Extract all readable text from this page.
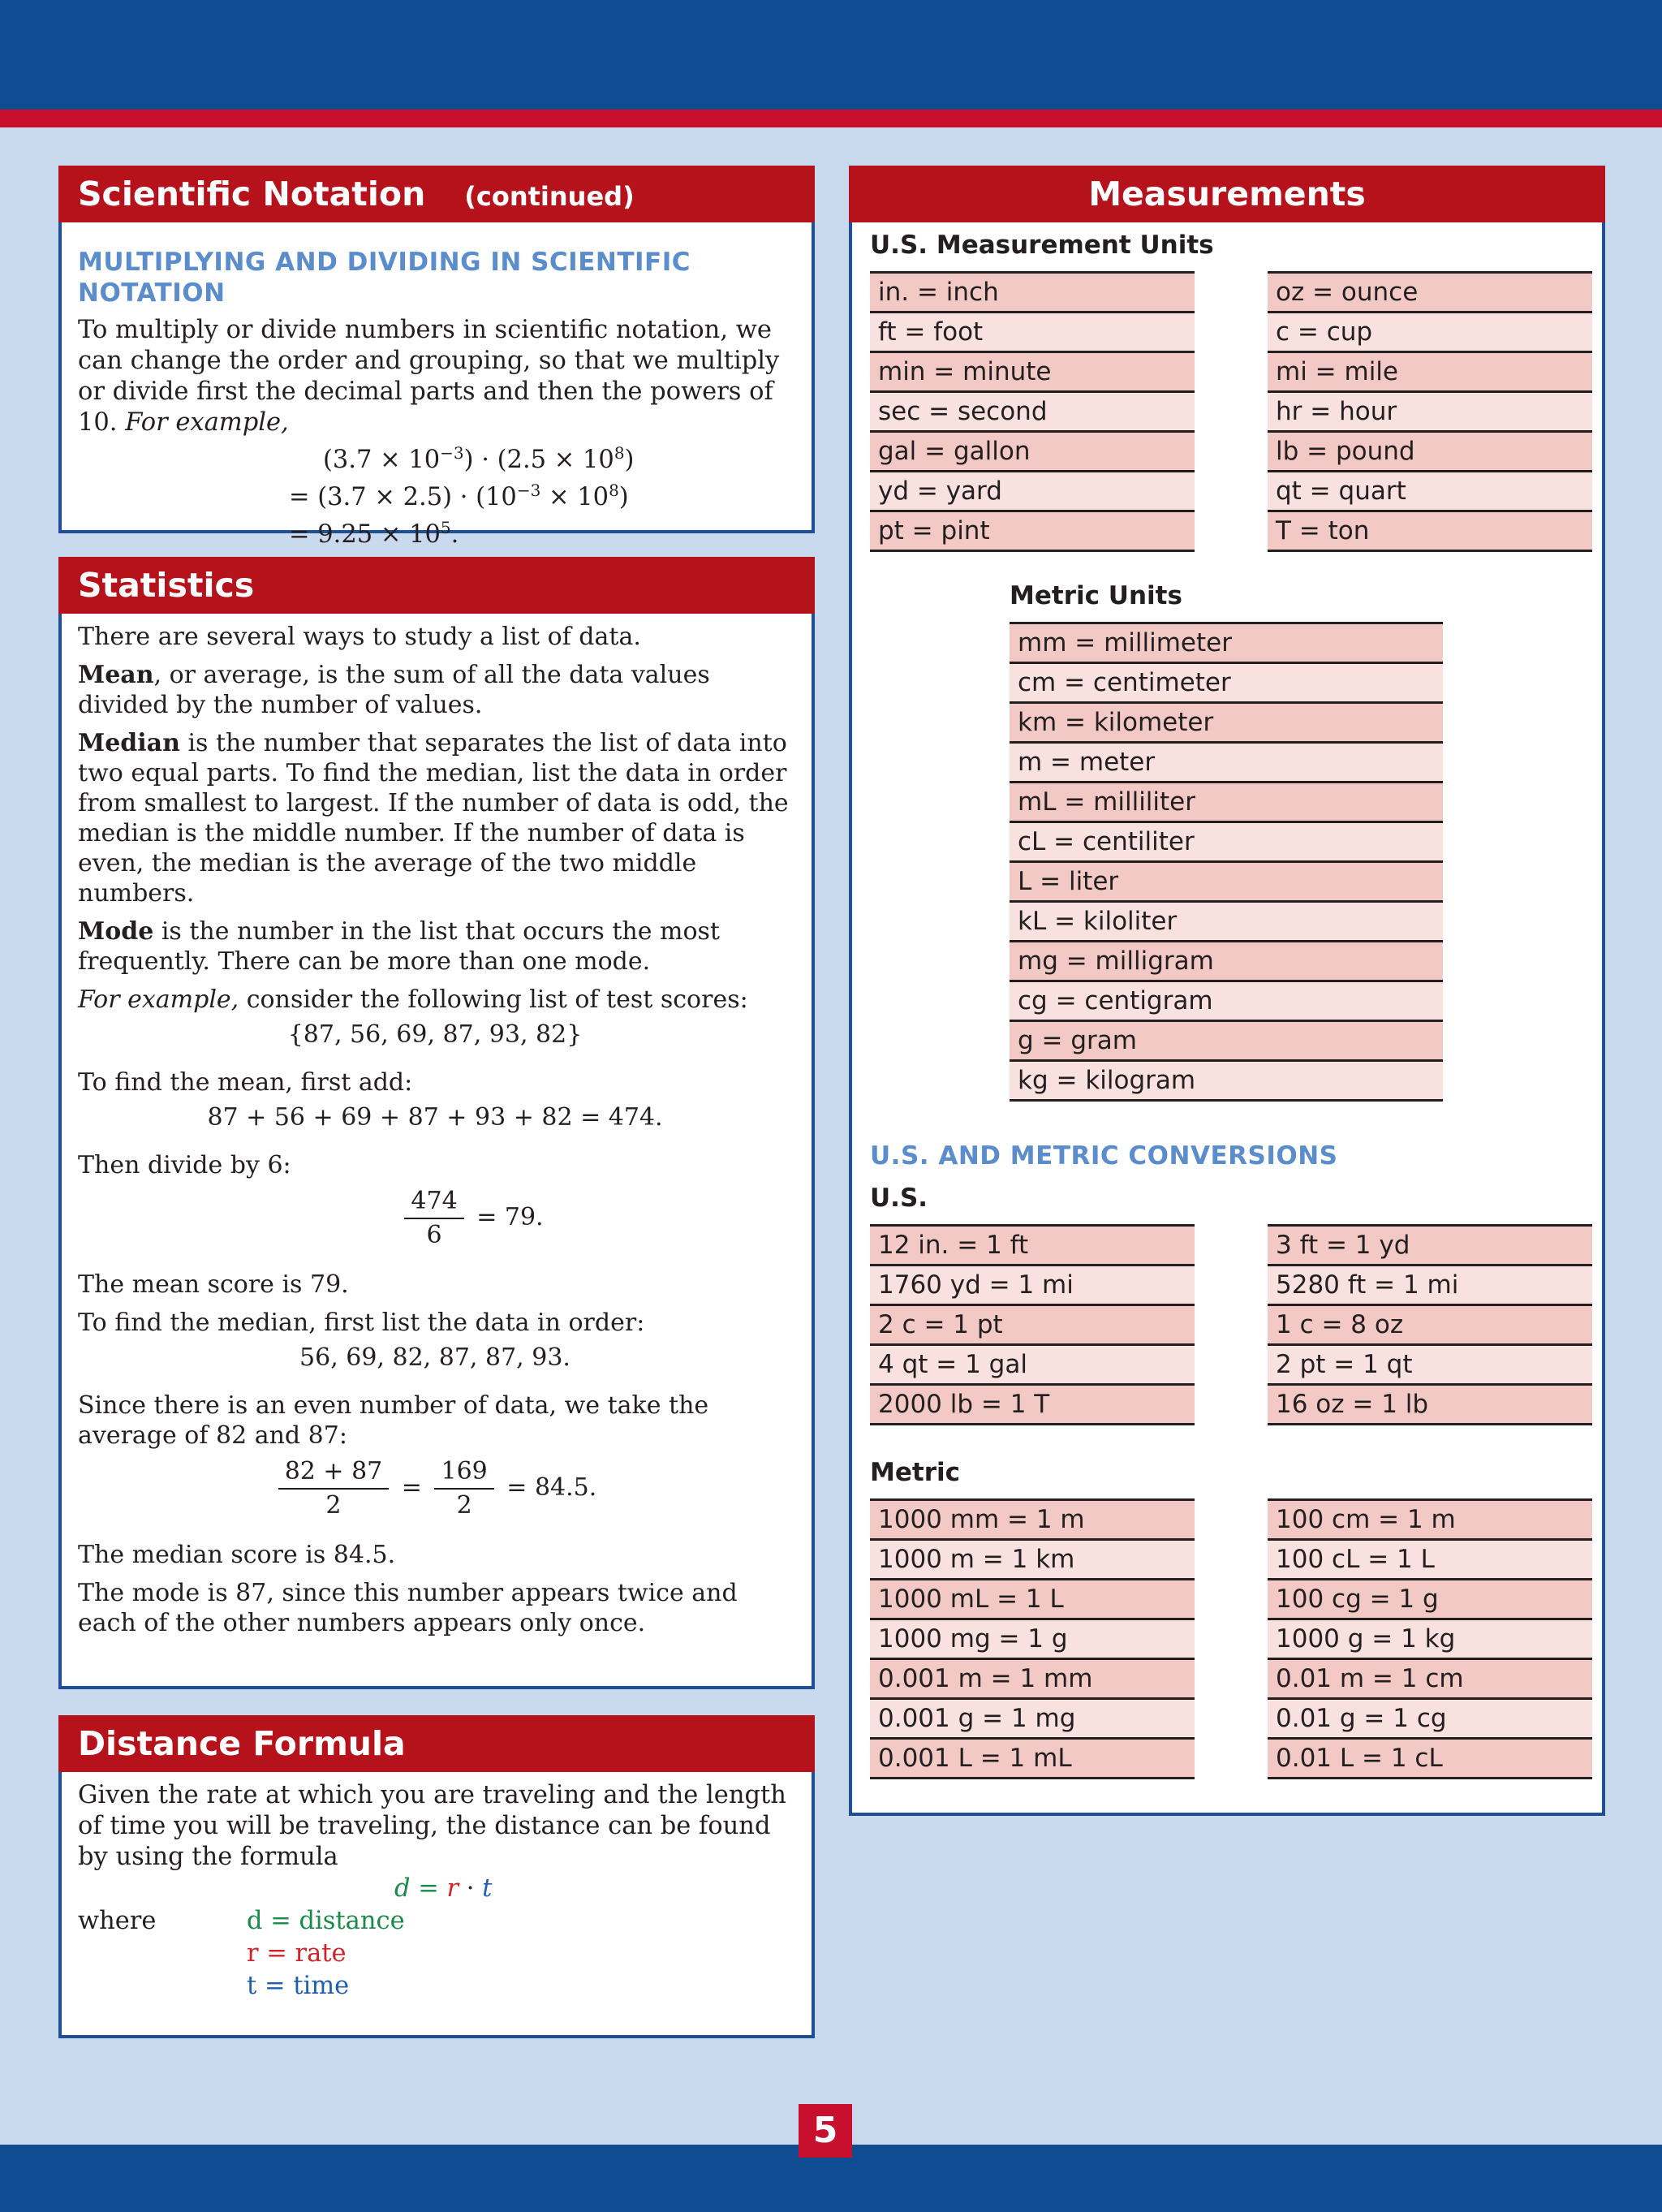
Scientific Notation (continued)
MULTIPLYING AND DIVIDING IN SCIENTIFIC NOTATION

To multiply or divide numbers in scientific notation, we can change the order and grouping, so that we multiply or divide first the decimal parts and then the powers of 10. For example,

$(3.7 \times 10^{-3}) \cdot (2.5 \times 10^8)$
= $(3.7 \times 2.5) \cdot (10^{-3} \times 10^8)$
= $9.25 \times 10^5$.
Statistics

There are several ways to study a list of data.

Mean, or average, is the sum of all the data values divided by the number of values.

Median is the number that separates the list of data into two equal parts. To find the median, list the data in order from smallest to largest. If the number of data is odd, the median is the middle number. If the number of data is even, the median is the average of the two middle numbers.

Mode is the number in the list that occurs the most frequently. There can be more than one mode.

For example, consider the following list of test scores:

{87, 56, 69, 87, 93, 82}

To find the mean, first add:

87 + 56 + 69 + 87 + 93 + 82 = 474.

Then divide by 6:

$\frac{474}{6} = 79$.

The mean score is 79.

To find the median, first list the data in order:

56, 69, 82, 87, 87, 93.

Since there is an even number of data, we take the average of 82 and 87:

$\frac{82 + 87}{2} = \frac{169}{2} = 84.5$.

The median score is 84.5.

The mode is 87, since this number appears twice and each of the other numbers appears only once.

Distance Formula

Given the rate at which you are traveling and the length of time you will be traveling, the distance can be found by using the formula

d = r · t
where	d = distance
r = rate
t = time
Measurements
U.S. Measurement Units
in. = inch
ft = foot
min = minute
sec = second
gal = gallon
yd = yard
pt = pint
oz = ounce
c = cup
mi = mile
hr = hour
lb = pound
qt = quart
T = ton
Metric Units
mm = millimeter
cm = centimeter
km = kilometer
m = meter
mL = milliliter
cL = centiliter
L = liter
kL = kiloliter
mg = milligram
cg = centigram
g = gram
kg = kilogram
U.S. AND METRIC CONVERSIONS
U.S.
12 in. = 1 ft
1760 yd = 1 mi
2 c = 1 pt
4 qt = 1 gal
2000 lb = 1 T
3 ft = 1 yd
5280 ft = 1 mi
1 c = 8 oz
2 pt = 1 qt
16 oz = 1 lb
Metric
1000 mm = 1 m
1000 m = 1 km
1000 mL = 1 L
1000 mg = 1 g
0.001 m = 1 mm
0.001 g = 1 mg
0.001 L = 1 mL
100 cm = 1 m
100 cL = 1 L
100 cg = 1 g
1000 g = 1 kg
0.01 m = 1 cm
0.01 g = 1 cg
0.01 L = 1 cL
5
